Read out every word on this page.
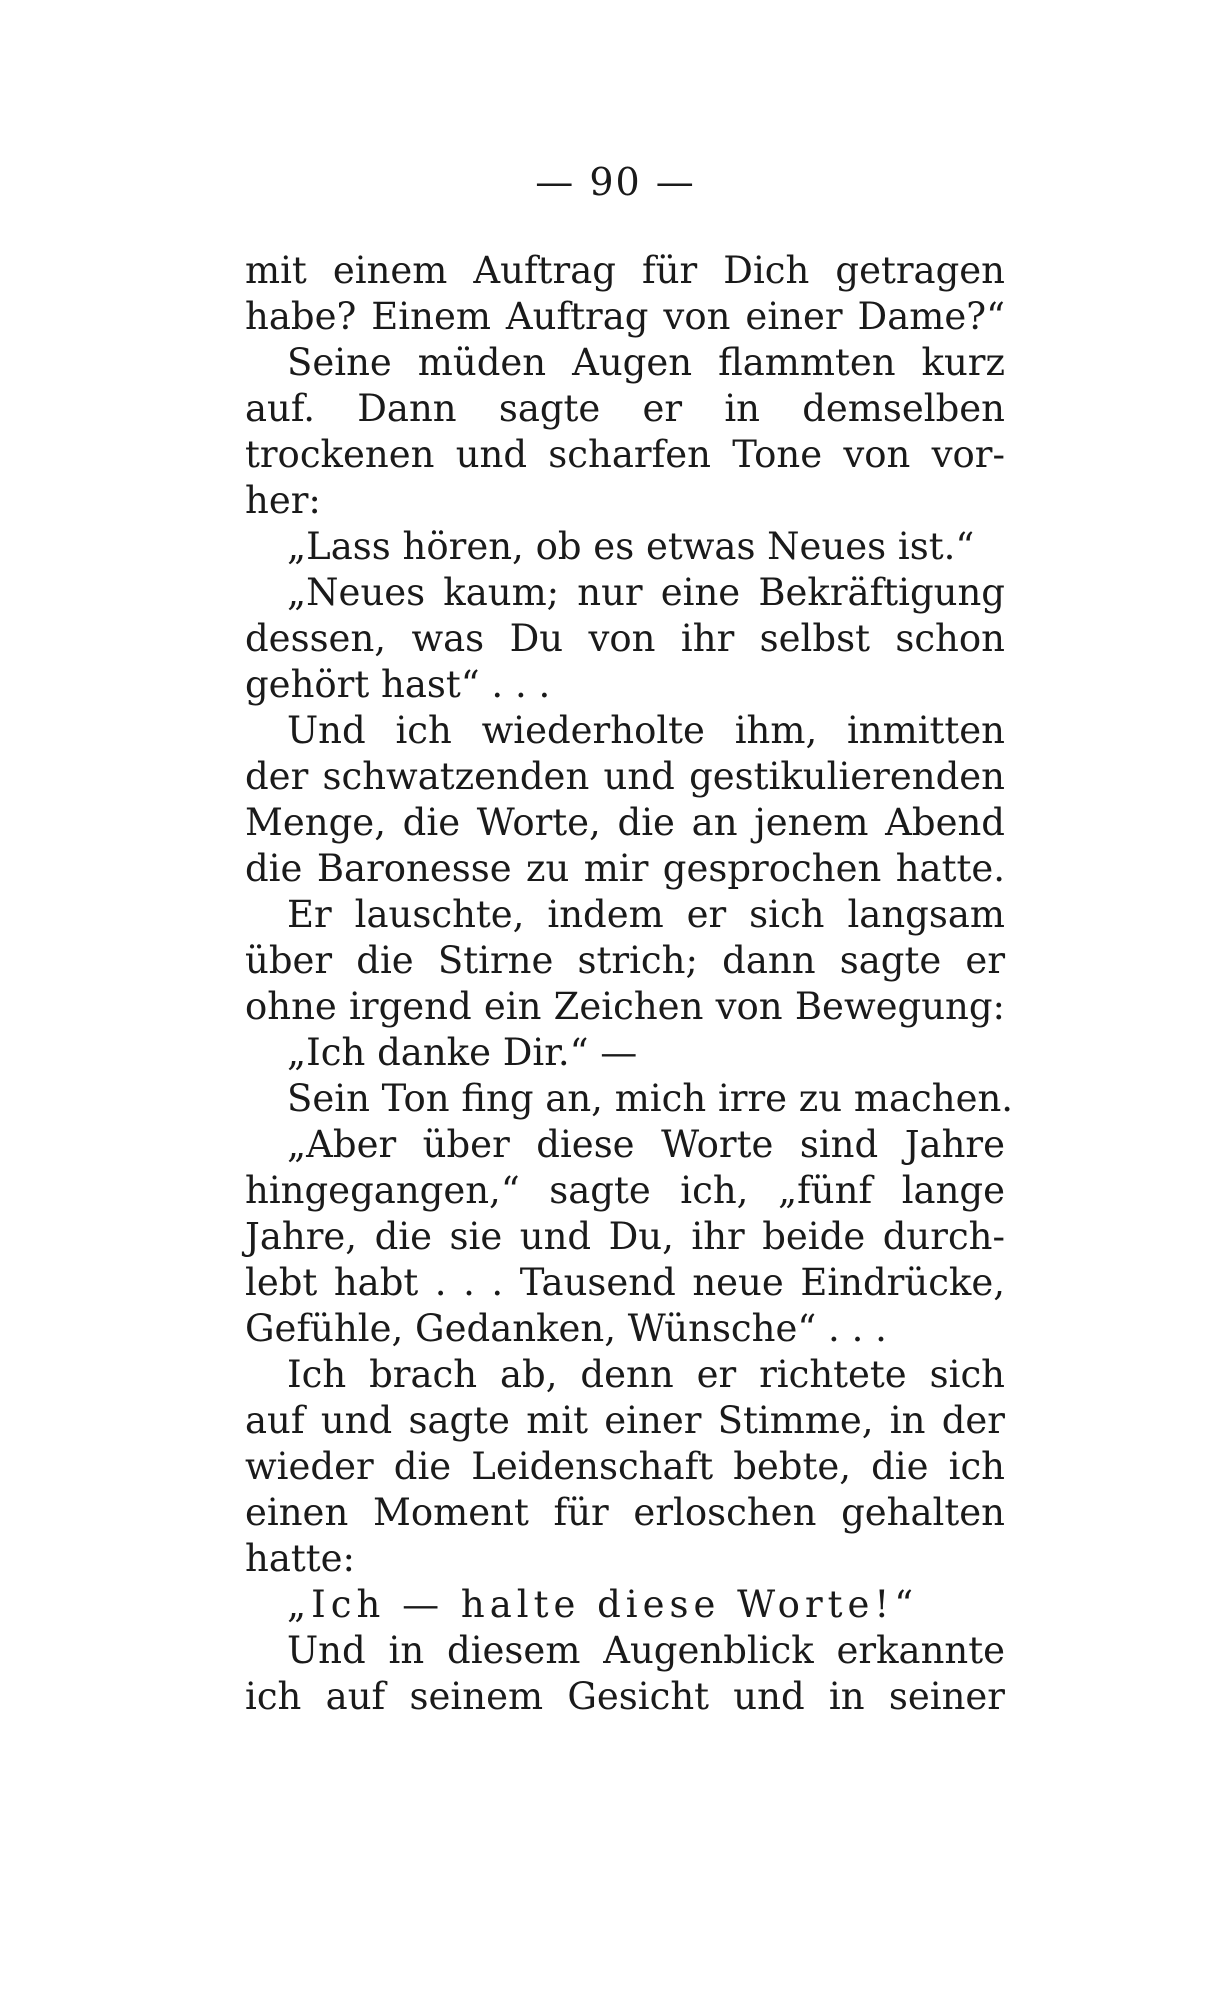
— 90 —
mit einem Auftrag für Dich getragen
habe? Einem Auftrag von einer Dame?“
Seine müden Augen flammten kurz
auf. Dann sagte er in demselben
trockenen und scharfen Tone von vor-
her:
„Lass hören, ob es etwas Neues ist.“
„Neues kaum; nur eine Bekräftigung
dessen, was Du von ihr selbst schon
gehört hast“ . . .
Und ich wiederholte ihm, inmitten
der schwatzenden und gestikulierenden
Menge, die Worte, die an jenem Abend
die Baronesse zu mir gesprochen hatte.
Er lauschte, indem er sich langsam
über die Stirne strich; dann sagte er
ohne irgend ein Zeichen von Bewegung:
„Ich danke Dir.“ —
Sein Ton fing an, mich irre zu machen.
„Aber über diese Worte sind Jahre
hingegangen,“ sagte ich, „fünf lange
Jahre, die sie und Du, ihr beide durch-
lebt habt . . . Tausend neue Eindrücke,
Gefühle, Gedanken, Wünsche“ . . .
Ich brach ab, denn er richtete sich
auf und sagte mit einer Stimme, in der
wieder die Leidenschaft bebte, die ich
einen Moment für erloschen gehalten
hatte:
„Ich — halte diese Worte!“
Und in diesem Augenblick erkannte
ich auf seinem Gesicht und in seiner
